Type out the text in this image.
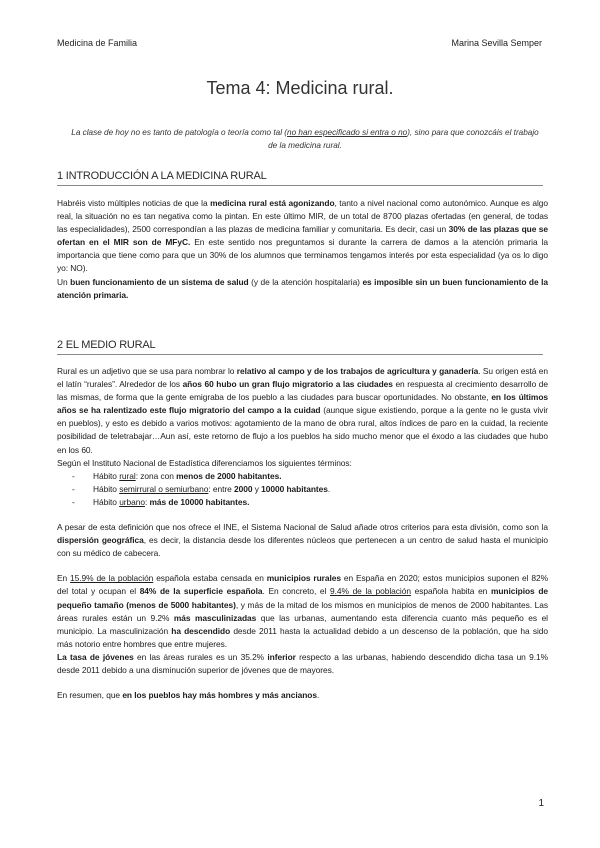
Medicina de Familia	Marina Sevilla Semper
Tema 4: Medicina rural.
La clase de hoy no es tanto de patología o teoría como tal (no han especificado si entra o no), sino para que conozcáis el trabajo de la medicina rural.
1 INTRODUCCIÓN A LA MEDICINA RURAL

Habréis visto múltiples noticias de que la medicina rural está agonizando, tanto a nivel nacional como autonómico. Aunque es algo real, la situación no es tan negativa como la pintan. En este último MIR, de un total de 8700 plazas ofertadas (en general, de todas las especialidades), 2500 correspondían a las plazas de medicina familiar y comunitaria. Es decir, casi un 30% de las plazas que se ofertan en el MIR son de MFyC. En este sentido nos preguntamos si durante la carrera de damos a la atención primaria la importancia que tiene como para que un 30% de los alumnos que terminamos tengamos interés por esta especialidad (ya os lo digo yo: NO).

Un buen funcionamiento de un sistema de salud (y de la atención hospitalaria) es imposible sin un buen funcionamiento de la atención primaria.

2 EL MEDIO RURAL

Rural es un adjetivo que se usa para nombrar lo relativo al campo y de los trabajos de agricultura y ganadería. Su origen está en el latín “rurales”. Alrededor de los años 60 hubo un gran flujo migratorio a las ciudades en respuesta al crecimiento desarrollo de las mismas, de forma que la gente emigraba de los pueblo a las ciudades para buscar oportunidades. No obstante, en los últimos años se ha ralentizado este flujo migratorio del campo a la cuidad (aunque sigue existiendo, porque a la gente no le gusta vivir en pueblos), y esto es debido a varios motivos: agotamiento de la mano de obra rural, altos índices de paro en la cuidad, la reciente posibilidad de teletrabajar…Aun así, este retorno de flujo a los pueblos ha sido mucho menor que el éxodo a las ciudades que hubo en los 60.

Según el Instituto Nacional de Estadística diferenciamos los siguientes términos:

- Hábito rural: zona con menos de 2000 habitantes.
- Hábito semirrural o semiurbano: entre 2000 y 10000 habitantes.
- Hábito urbano: más de 10000 habitantes.

A pesar de esta definición que nos ofrece el INE, el Sistema Nacional de Salud añade otros criterios para esta división, como son la dispersión geográfica, es decir, la distancia desde los diferentes núcleos que pertenecen a un centro de salud hasta el municipio con su médico de cabecera.

En 15.9% de la población española estaba censada en municipios rurales en España en 2020; estos municipios suponen el 82% del total y ocupan el 84% de la superficie española. En concreto, el 9.4% de la población española habita en municipios de pequeño tamaño (menos de 5000 habitantes), y más de la mitad de los mismos en municipios de menos de 2000 habitantes. Las áreas rurales están un 9.2% más masculinizadas que las urbanas, aumentando esta diferencia cuanto más pequeño es el municipio. La masculinización ha descendido desde 2011 hasta la actualidad debido a un descenso de la población, que ha sido más notorio entre hombres que entre mujeres.

La tasa de jóvenes en las áreas rurales es un 35.2% inferior respecto a las urbanas, habiendo descendido dicha tasa un 9.1% desde 2011 debido a una disminución superior de jóvenes que de mayores.

En resumen, que en los pueblos hay más hombres y más ancianos.

1
